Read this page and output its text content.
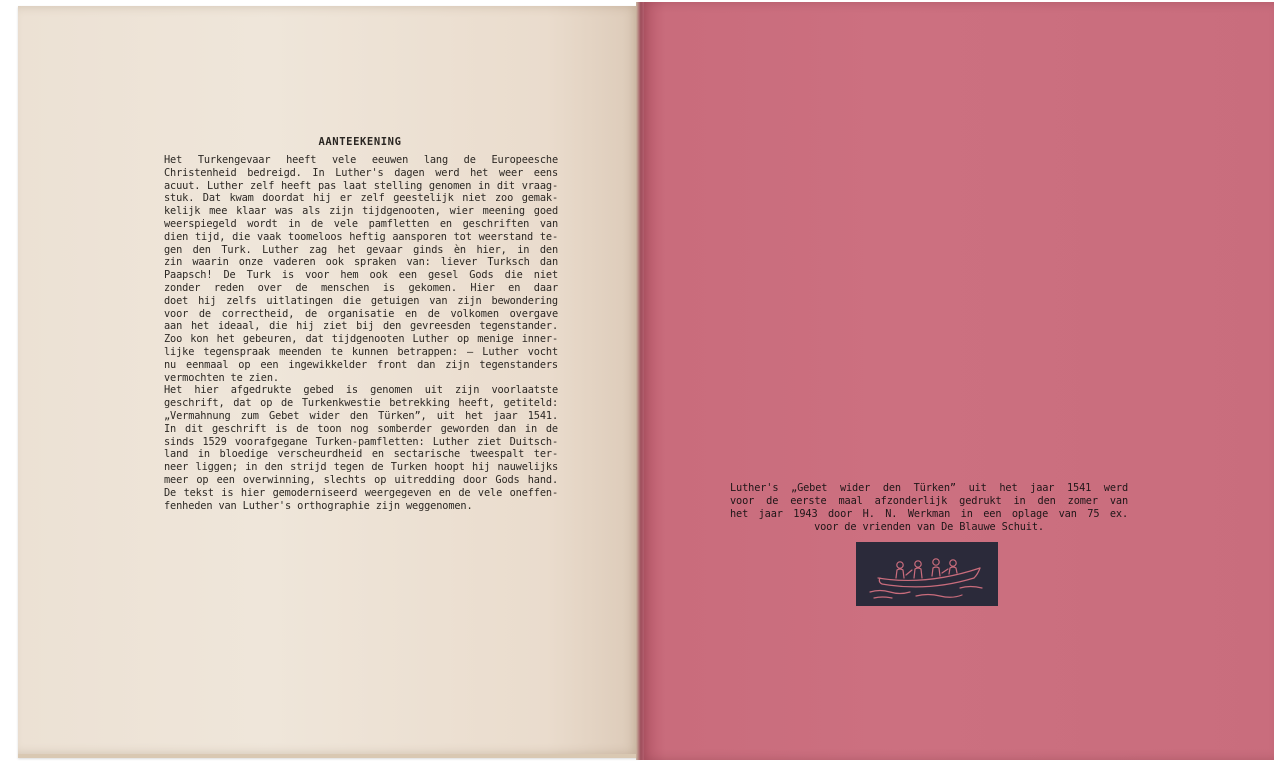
AANTEEKENING
Het Turkengevaar heeft vele eeuwen lang de Europeesche
Christenheid bedreigd. In Luther's dagen werd het weer eens
acuut. Luther zelf heeft pas laat stelling genomen in dit vraag-
stuk. Dat kwam doordat hij er zelf geestelijk niet zoo gemak-
kelijk mee klaar was als zijn tijdgenooten, wier meening goed
weerspiegeld wordt in de vele pamfletten en geschriften van
dien tijd, die vaak toomeloos heftig aansporen tot weerstand te-
gen den Turk. Luther zag het gevaar ginds èn hier, in den
zin waarin onze vaderen ook spraken van: liever Turksch dan
Paapsch! De Turk is voor hem ook een gesel Gods die niet
zonder reden over de menschen is gekomen. Hier en daar
doet hij zelfs uitlatingen die getuigen van zijn bewondering
voor de correctheid, de organisatie en de volkomen overgave
aan het ideaal, die hij ziet bij den gevreesden tegenstander.
Zoo kon het gebeuren, dat tijdgenooten Luther op menige inner-
lijke tegenspraak meenden te kunnen betrappen: — Luther vocht
nu eenmaal op een ingewikkelder front dan zijn tegenstanders
vermochten te zien.
Het hier afgedrukte gebed is genomen uit zijn voorlaatste
geschrift, dat op de Turkenkwestie betrekking heeft, getiteld:
„Vermahnung zum Gebet wider den Türken”, uit het jaar 1541.
In dit geschrift is de toon nog somberder geworden dan in de
sinds 1529 voorafgegane Turken-pamfletten: Luther ziet Duitsch-
land in bloedige verscheurdheid en sectarische tweespalt ter-
neer liggen; in den strijd tegen de Turken hoopt hij nauwelijks
meer op een overwinning, slechts op uitredding door Gods hand.
De tekst is hier gemoderniseerd weergegeven en de vele oneffen-
fenheden van Luther's orthographie zijn weggenomen.
Luther's „Gebet wider den Türken” uit het jaar 1541 werd
voor de eerste maal afzonderlijk gedrukt in den zomer van
het jaar 1943 door H. N. Werkman in een oplage van 75 ex.
voor de vrienden van De Blauwe Schuit.
